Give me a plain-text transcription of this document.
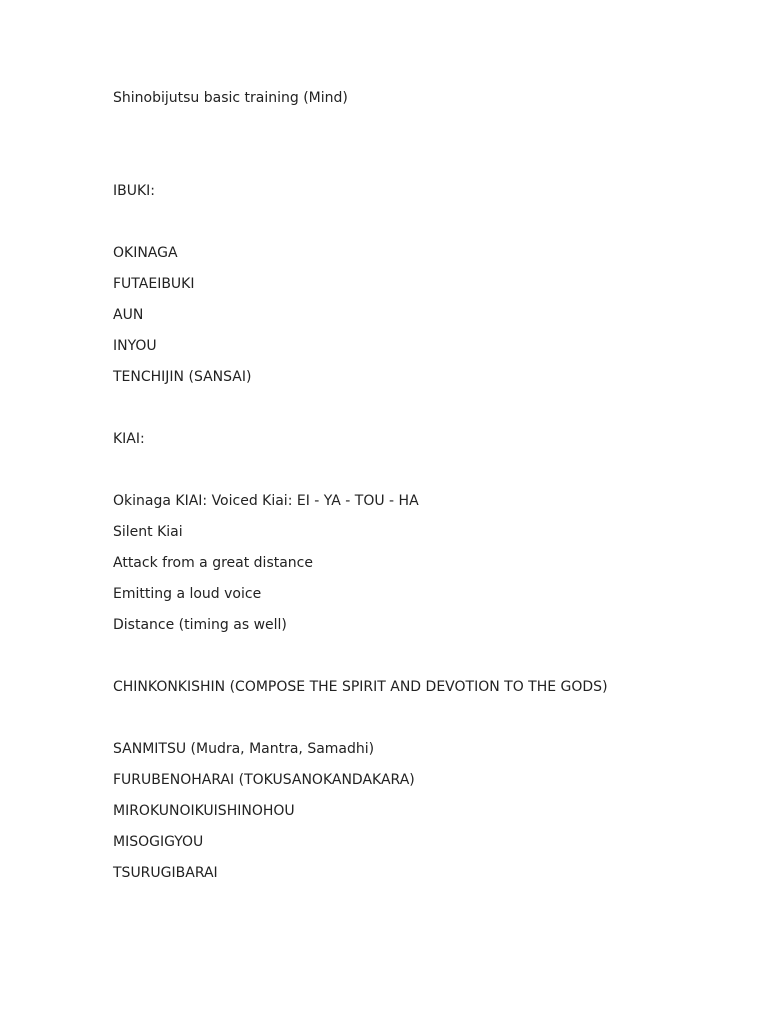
Shinobijutsu basic training (Mind)
IBUKI:
OKINAGA
FUTAEIBUKI
AUN
INYOU
TENCHIJIN (SANSAI)
KIAI:
Okinaga KIAI: Voiced Kiai: EI - YA - TOU - HA
Silent Kiai
Attack from a great distance
Emitting a loud voice
Distance (timing as well)
CHINKONKISHIN (COMPOSE THE SPIRIT AND DEVOTION TO THE GODS)
SANMITSU (Mudra, Mantra, Samadhi)
FURUBENOHARAI (TOKUSANOKANDAKARA)
MIROKUNOIKUISHINOHOU
MISOGIGYOU
TSURUGIBARAI
